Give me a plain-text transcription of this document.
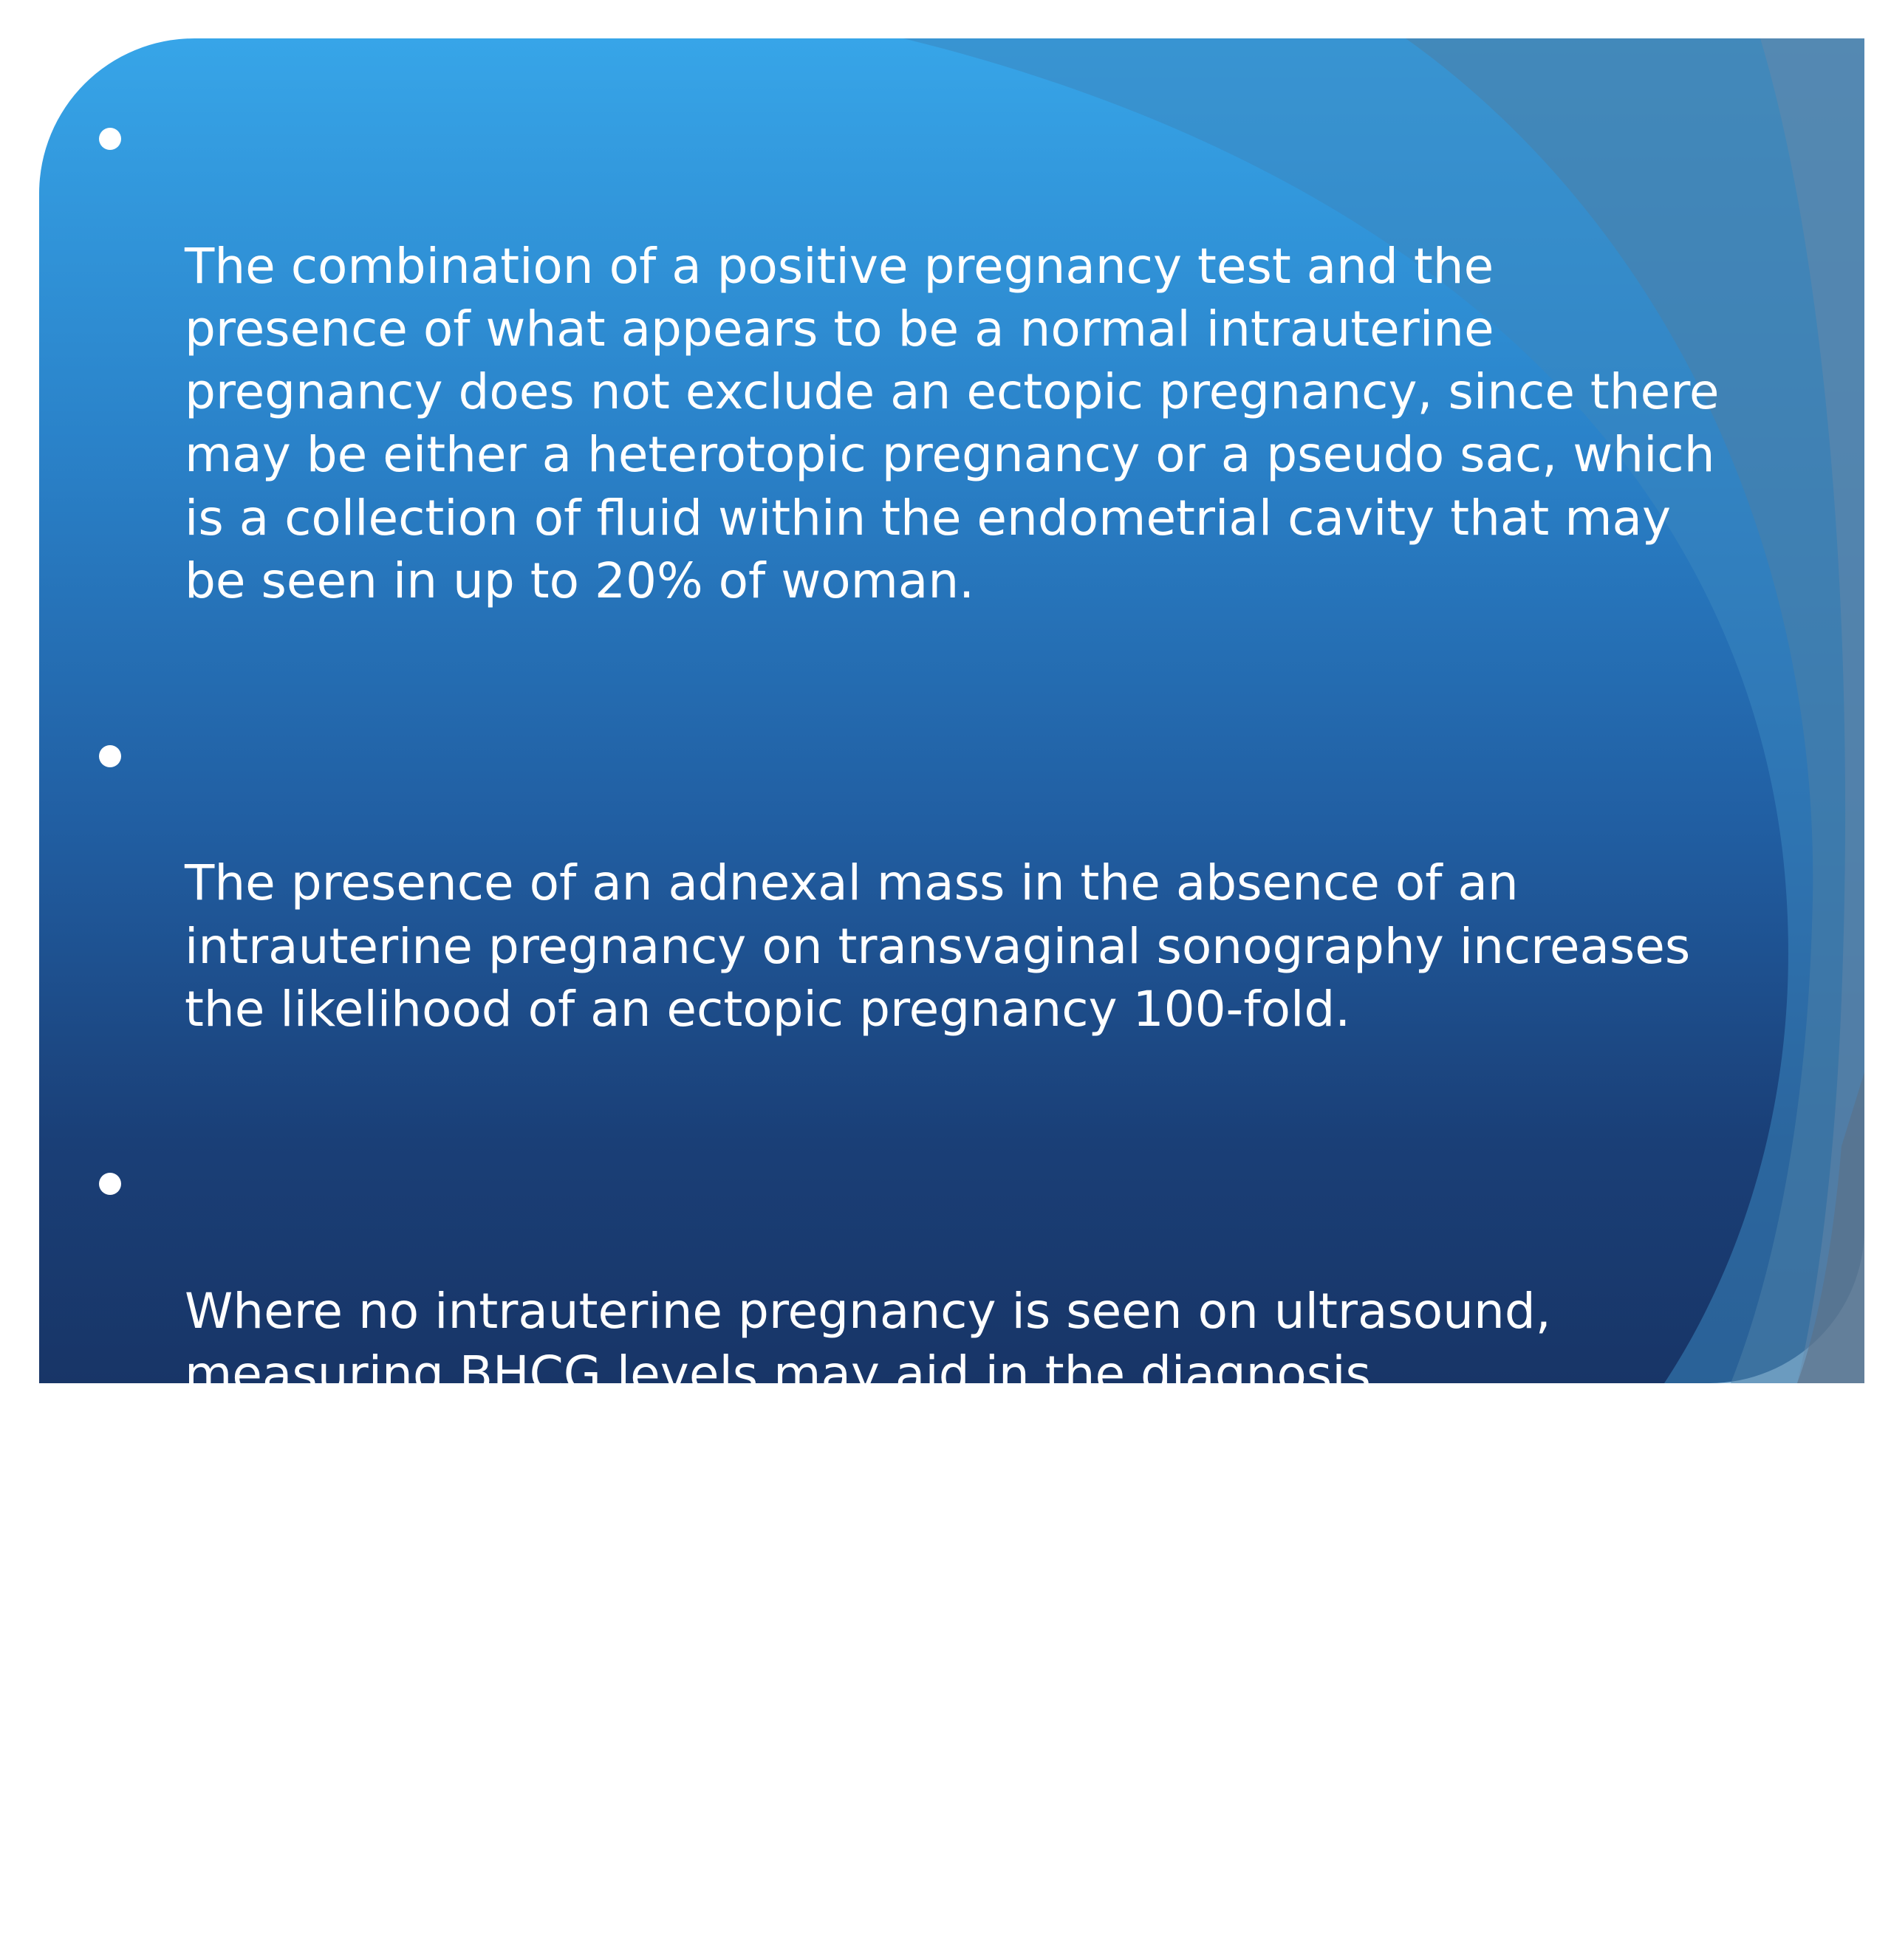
The combination of a positive pregnancy test and the
presence of what appears to be a normal intrauterine
pregnancy does not exclude an ectopic pregnancy, since there
may be either a heterotopic pregnancy or a pseudo sac, which
is a collection of fluid within the endometrial cavity that may
be seen in up to 20% of woman.

The presence of an adnexal mass in the absence of an
intrauterine pregnancy on transvaginal sonography increases
the likelihood of an ectopic pregnancy 100-fold.

Where no intrauterine pregnancy is seen on ultrasound,
measuring BHCG levels may aid in the diagnosis.

Other diagnostic methods include laparoscopy and laparotomy
which can also be performed to visually confirm an ectopic
pregnancy. This is generally reserved for women presenting
with signs of an acute abdomen and / or hypovolemic shock.
